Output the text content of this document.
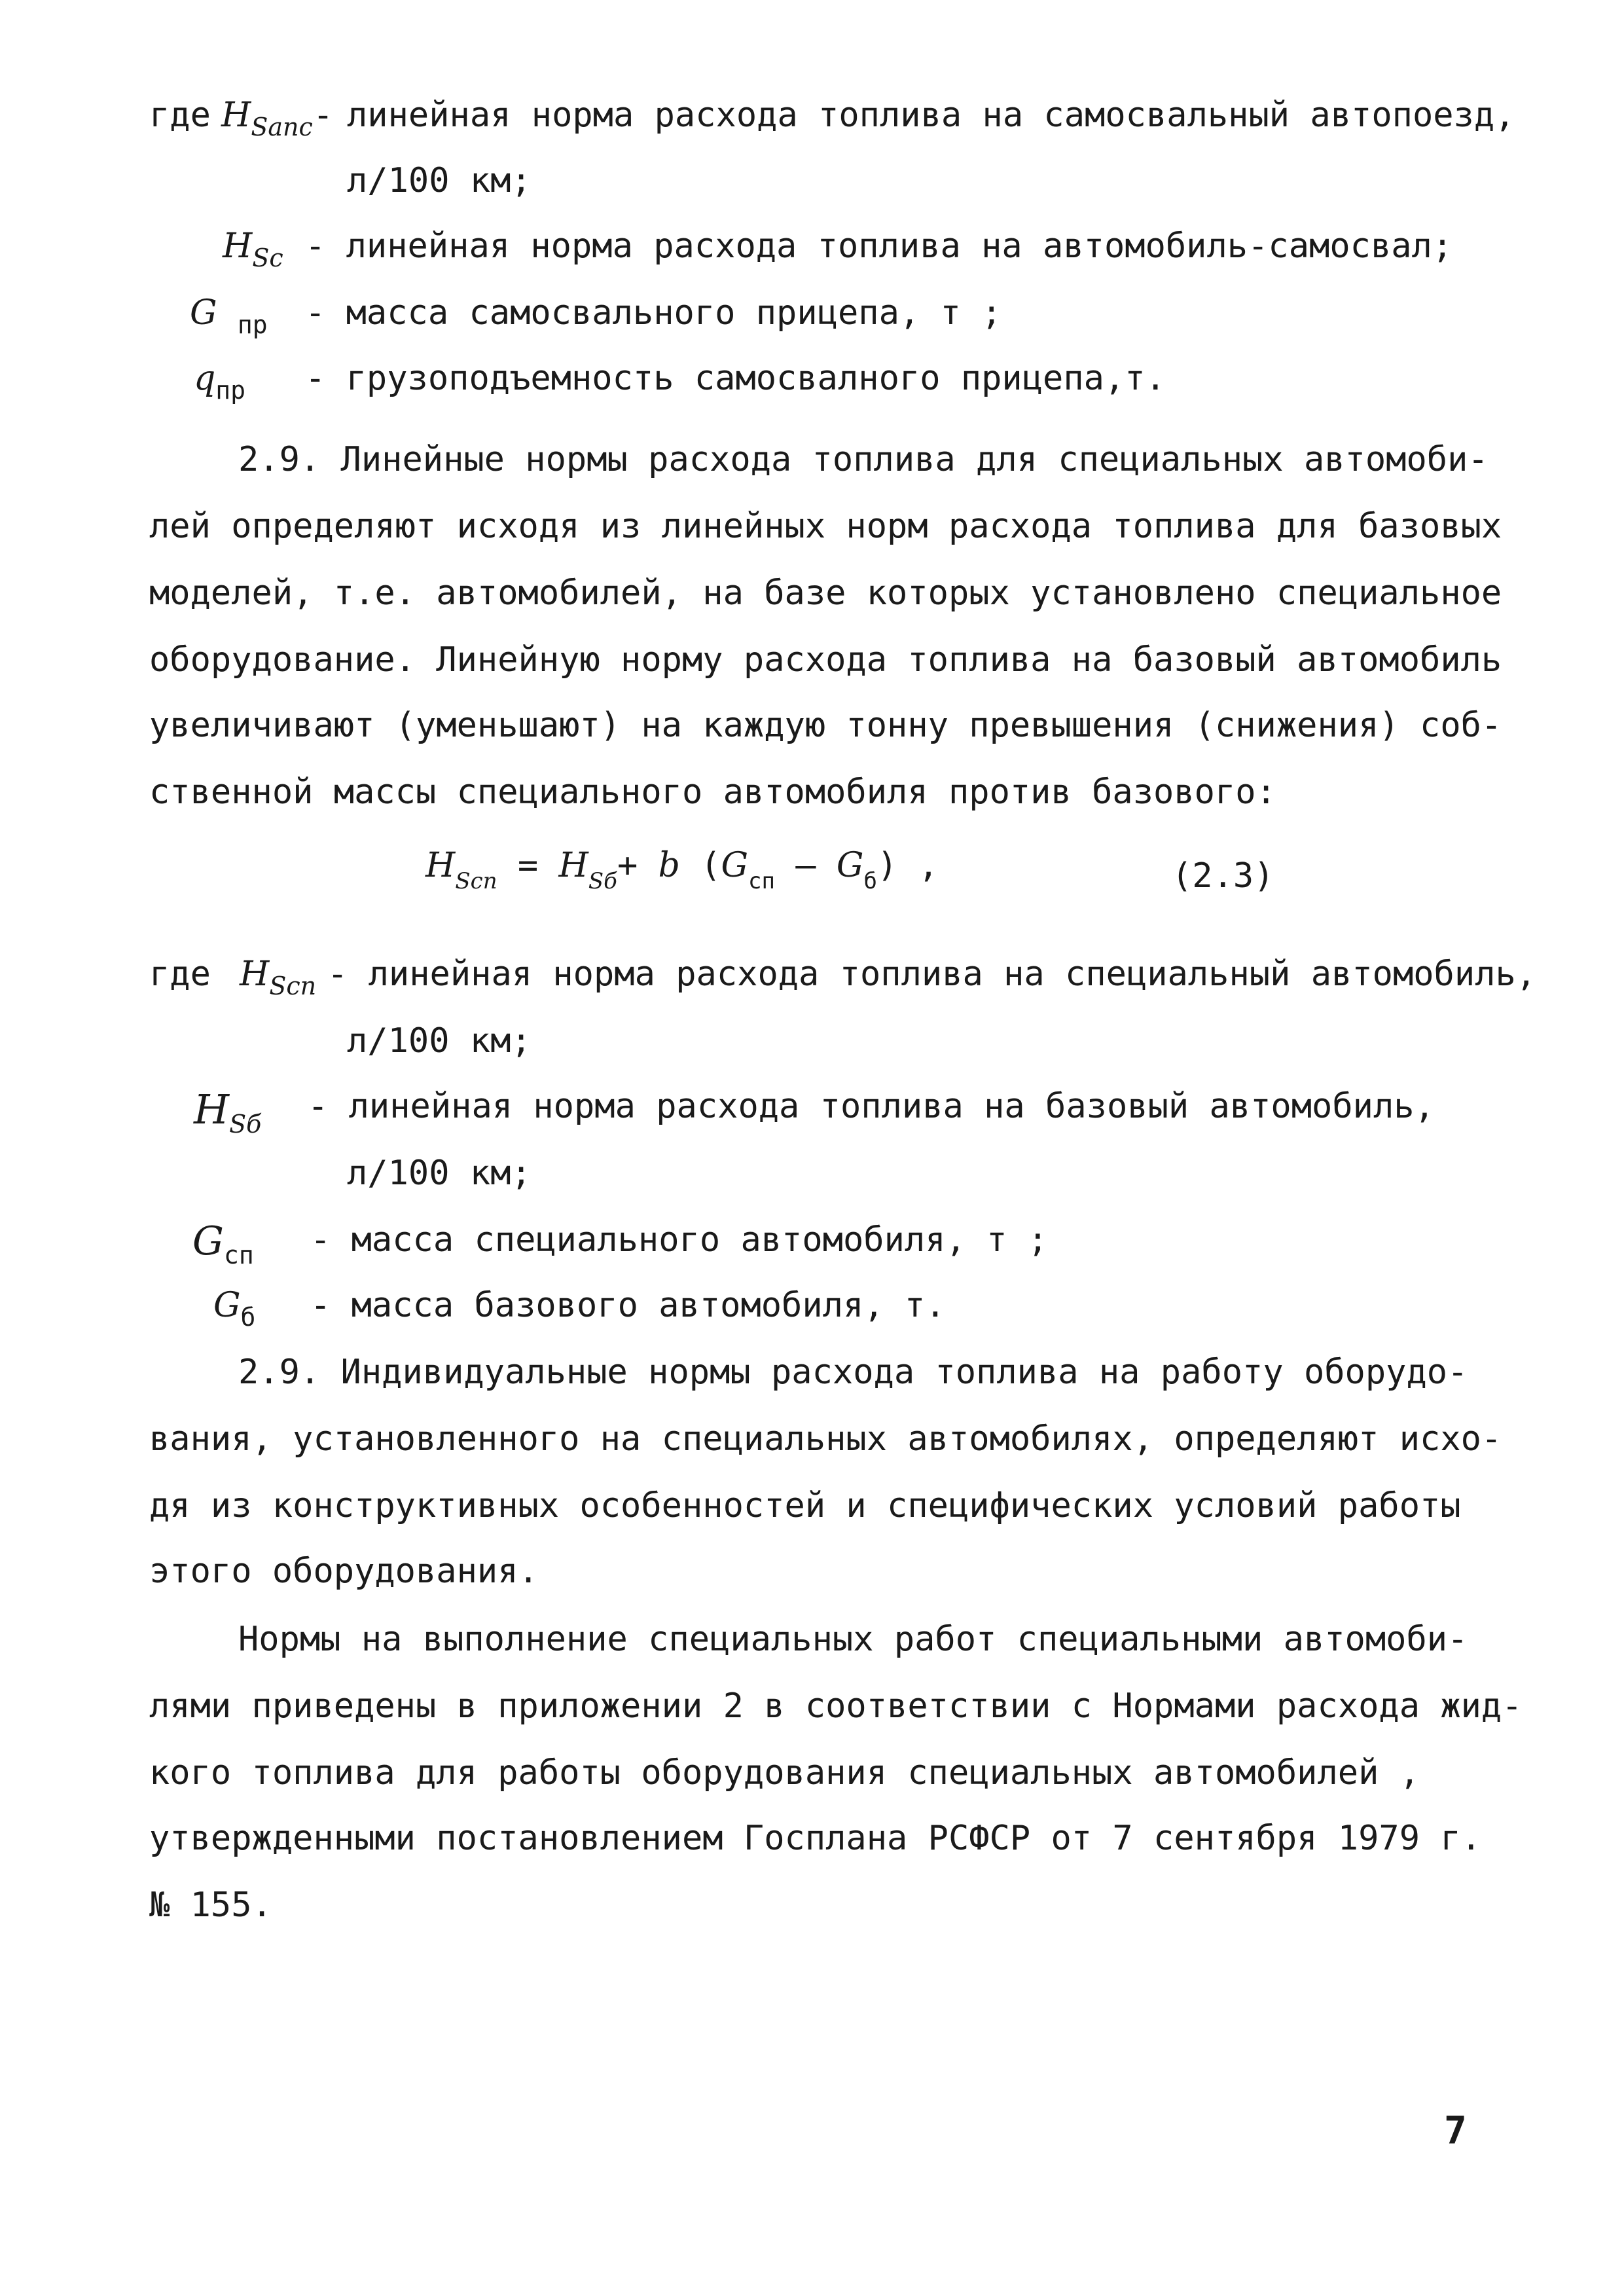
где $Н_{Sanc}-$ линейная норма расхода топлива на самосвальный автопоезд,
л/100 км;
$Н_{Sс}$ - линейная норма расхода топлива на автомобиль-самосвал;
G $_{пр}$ - масса самосвального прицепа, т ;
$q_{пр}$ - грузоподъемность самосвалного прицепа,т.
2.9. Линейные нормы расхода топлива для специальных автомоби-
лей определяют исходя из линейных норм расхода топлива для базовых
моделей, т.е. автомобилей, на базе которых установлено специальное
оборудование. Линейную норму расхода топлива на базовый автомобиль
увеличивают (уменьшают) на каждую тонну превышения (снижения) соб-
ственной массы специального автомобиля против базового:
$Н_{Sсп} = Н_{Sб}+ b$ $(G_{сп} - G_б)$ ,	(2.3)
где $Н_{Sсп}$ - линейная норма расхода топлива на специальный автомобиль,
л/100 км;
$Н_{Sб}$ - линейная норма расхода топлива на базовый автомобиль,
л/100 км;
$G_{сп}$ - масса специального автомобиля, т ;
$G_б$ - масса базового автомобиля, т.
2.9. Индивидуальные нормы расхода топлива на работу оборудо-
вания, установленного на специальных автомобилях, определяют исхо-
дя из конструктивных особенностей и специфических условий работы
этого оборудования.
Нормы на выполнение специальных работ специальными автомоби-
лями приведены в приложении 2 в соответствии с Нормами расхода жид-
кого топлива для работы оборудования специальных автомобилей ,
утвержденными постановлением Госплана РСФСР от 7 сентября 1979 г.
№ 155.
7
